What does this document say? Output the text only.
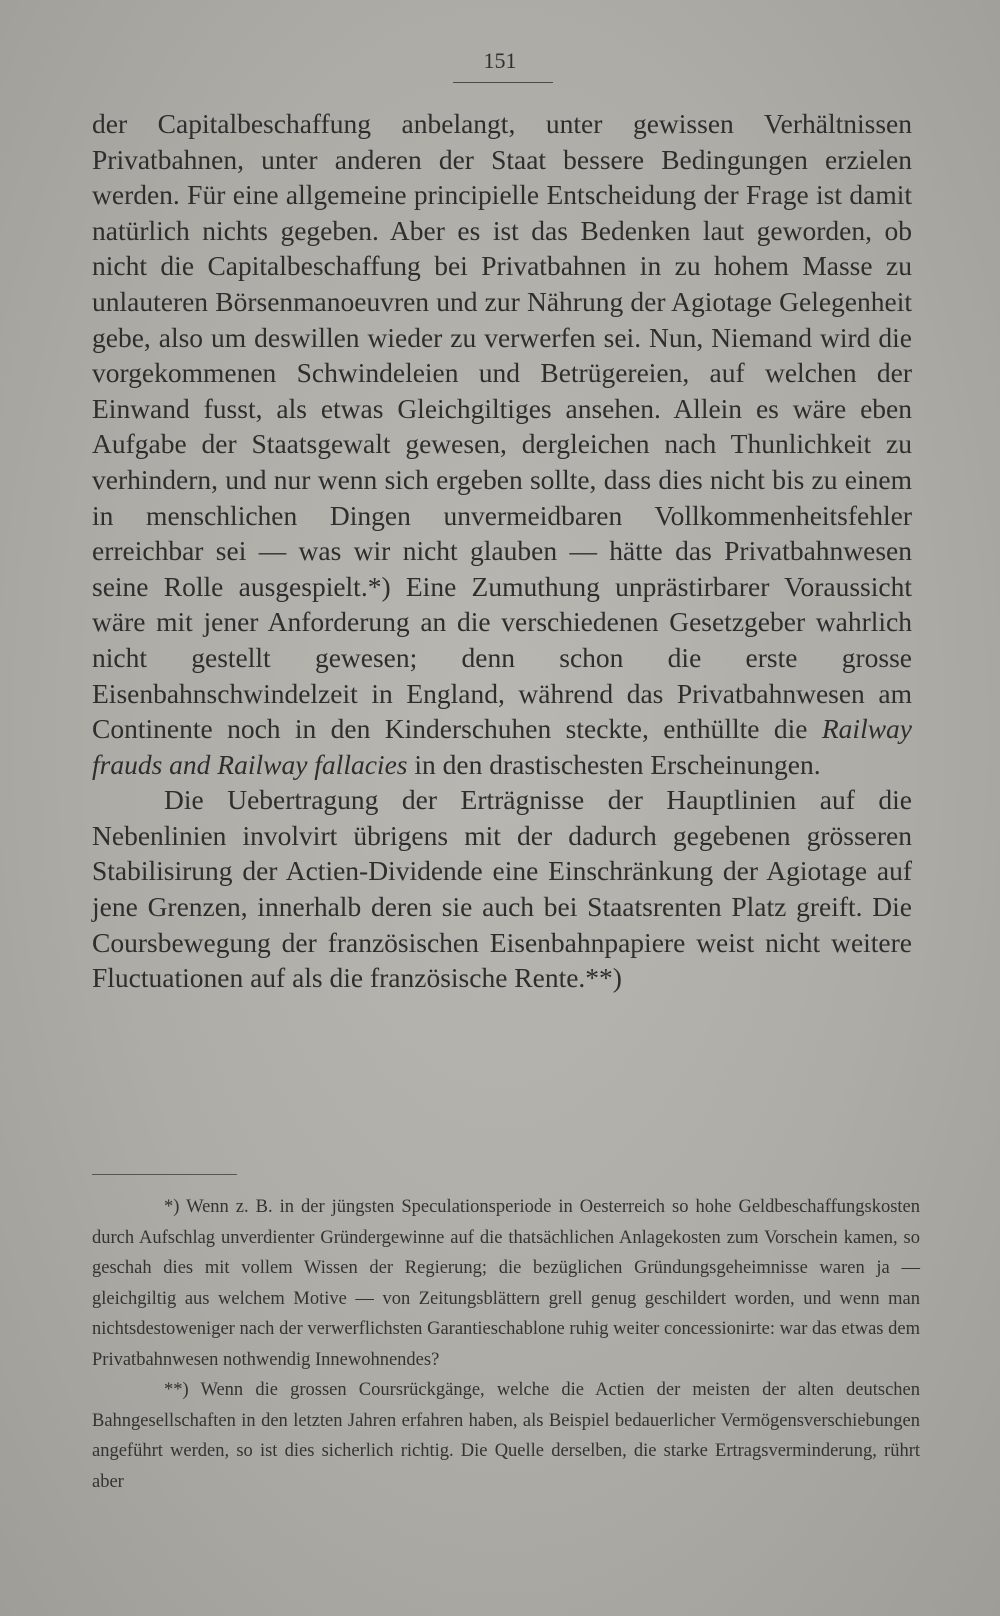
151

der Capitalbeschaffung anbelangt, unter gewissen Verhältnissen Privatbahnen, unter anderen der Staat bessere Bedingungen erzielen werden. Für eine allgemeine principielle Entscheidung der Frage ist damit natürlich nichts gegeben. Aber es ist das Bedenken laut geworden, ob nicht die Capitalbeschaffung bei Privatbahnen in zu hohem Masse zu unlauteren Börsenmanoeuvren und zur Nährung der Agiotage Gelegenheit gebe, also um deswillen wieder zu verwerfen sei. Nun, Niemand wird die vorgekommenen Schwindeleien und Betrügereien, auf welchen der Einwand fusst, als etwas Gleichgiltiges ansehen. Allein es wäre eben Aufgabe der Staatsgewalt gewesen, dergleichen nach Thunlichkeit zu verhindern, und nur wenn sich ergeben sollte, dass dies nicht bis zu einem in menschlichen Dingen unvermeidbaren Vollkommenheitsfehler erreichbar sei — was wir nicht glauben — hätte das Privatbahnwesen seine Rolle ausgespielt.*) Eine Zumuthung unprästirbarer Voraussicht wäre mit jener Anforderung an die verschiedenen Gesetzgeber wahrlich nicht gestellt gewesen; denn schon die erste grosse Eisenbahnschwindelzeit in England, während das Privatbahnwesen am Continente noch in den Kinderschuhen steckte, enthüllte die Railway frauds and Railway fallacies in den drastischesten Erscheinungen.

Die Uebertragung der Erträgnisse der Hauptlinien auf die Nebenlinien involvirt übrigens mit der dadurch gegebenen grösseren Stabilisirung der Actien-Dividende eine Einschränkung der Agiotage auf jene Grenzen, innerhalb deren sie auch bei Staatsrenten Platz greift. Die Coursbewegung der französischen Eisenbahnpapiere weist nicht weitere Fluctuationen auf als die französische Rente.**)

*) Wenn z. B. in der jüngsten Speculationsperiode in Oesterreich so hohe Geldbeschaffungskosten durch Aufschlag unverdienter Gründergewinne auf die thatsächlichen Anlagekosten zum Vorschein kamen, so geschah dies mit vollem Wissen der Regierung; die bezüglichen Gründungsgeheimnisse waren ja — gleichgiltig aus welchem Motive — von Zeitungsblättern grell genug geschildert worden, und wenn man nichtsdestoweniger nach der verwerflichsten Garantieschablone ruhig weiter concessionirte: war das etwas dem Privatbahnwesen nothwendig Innewohnendes?

**) Wenn die grossen Coursrückgänge, welche die Actien der meisten der alten deutschen Bahngesellschaften in den letzten Jahren erfahren haben, als Beispiel bedauerlicher Vermögensverschiebungen angeführt werden, so ist dies sicherlich richtig. Die Quelle derselben, die starke Ertragsverminderung, rührt aber
